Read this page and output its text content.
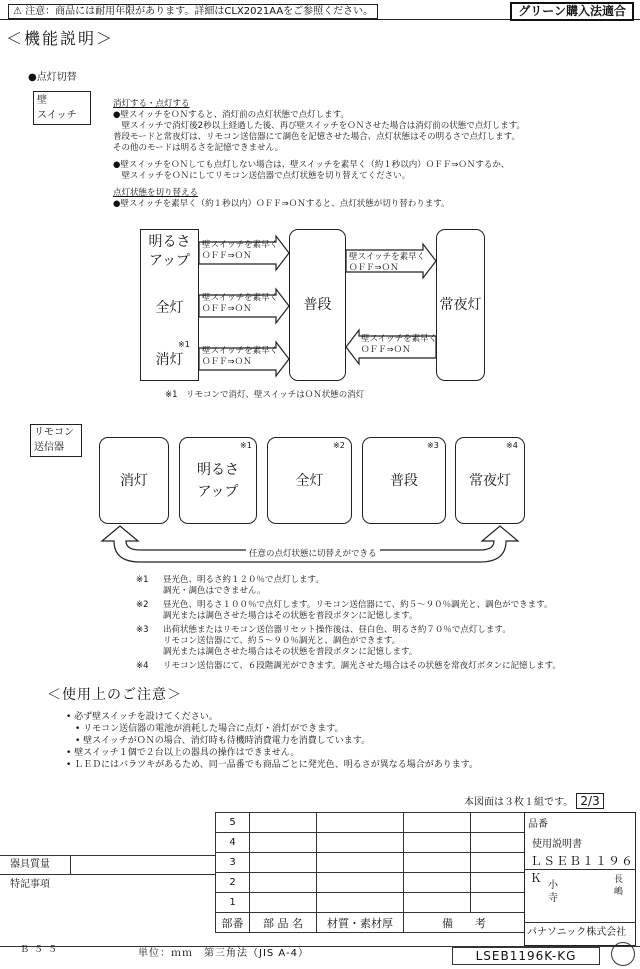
⚠ 注意：商品には耐用年限があります。詳細はCLX2021AAをご参照ください。	グリーン購入法適合
＜機能説明＞
●点灯切替
壁
スイッチ
消灯する・点灯する
●壁スイッチをＯＮすると、消灯前の点灯状態で点灯します。
　壁スイッチで消灯後2秒以上経過した後、再び壁スイッチをＯＮさせた場合は消灯前の状態で点灯します。
普段モードと常夜灯は、リモコン送信器にて調色を記憶させた場合、点灯状態はその明るさで点灯します。
その他のモードは明るさを記憶できません。
●壁スイッチをＯＮしても点灯しない場合は、壁スイッチを素早く（約１秒以内）ＯＦＦ⇒ＯＮするか、
　壁スイッチをＯＮにしてリモコン送信器で点灯状態を切り替えてください。
点灯状態を切り替える
●壁スイッチを素早く（約１秒以内）ＯＦＦ⇒ＯＮすると、点灯状態が切り替わります。
明るさ
アップ
全灯
消灯
※1
普段	常夜灯
壁スイッチを素早く
ＯＦＦ⇒ＯＮ
壁スイッチを素早く
ＯＦＦ⇒ＯＮ
壁スイッチを素早く
ＯＦＦ⇒ＯＮ
壁スイッチを素早く
ＯＦＦ⇒ＯＮ
壁スイッチを素早く
ＯＦＦ⇒ＯＮ
※1　リモコンで消灯、壁スイッチはＯＮ状態の消灯
リモコン
送信器
消灯
明るさ
アップ
※1
全灯
※2
普段
※3
常夜灯
※4
任意の点灯状態に切替えができる
※1	昼光色、明るさ約１２０％で点灯します。
調光・調色はできません。
※2	昼光色、明るさ１００％で点灯します。リモコン送信器にて、約５～９０％調光と、調色ができます。
調光または調色させた場合はその状態を普段ボタンに記憶します。
※3	出荷状態またはリモコン送信器リセット操作後は、昼白色、明るさ約７０％で点灯します。
リモコン送信器にて、約５～９０％調光と、調色ができます。
調光または調色させた場合はその状態を普段ボタンに記憶します。
※4	リモコン送信器にて、６段階調光ができます。調光させた場合はその状態を常夜灯ボタンに記憶します。
＜使用上のご注意＞
• 必ず壁スイッチを設けてください。
　• リモコン送信器の電池が消耗した場合に点灯・消灯ができます。
　• 壁スイッチがＯＮの場合、消灯時も待機時消費電力を消費しています。
• 壁スイッチ１個で２台以上の器具の操作はできません。
• ＬＥＤにはバラツキがあるため、同一品番でも商品ごとに発光色、明るさが異なる場合があります。
本図面は３枚１組です。 2/3
器具質量
特記事項
5				
4				
3				
2				
1				
部番	部 品 名	材質・素材厚	備　　考	
品番
使用説明書
ＬＳＥＢ１１９６Ｋ
小
寺
長
嶋
パナソニック株式会社
Ｂ５５	単位：ｍｍ　第三角法（JIS A-4）	LSEB1196K-KG
